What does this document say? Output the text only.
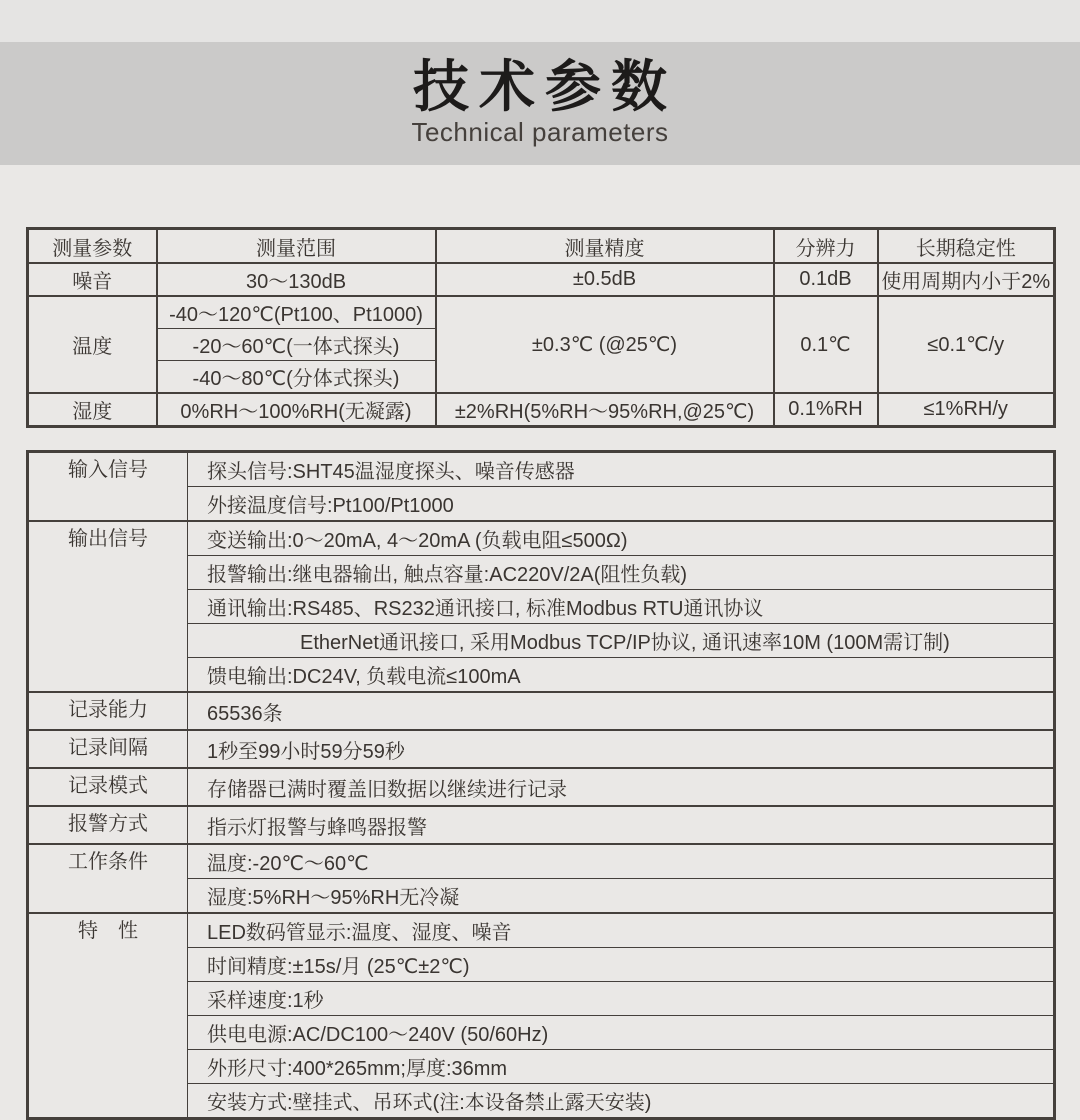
技术参数

Technical parameters

测量参数	测量范围	测量精度	分辨力	长期稳定性
噪音	30～130dB	±0.5dB	0.1dB	使用周期内小于2%
温度	-40～120℃(Pt100、Pt1000)	±0.3℃ (@25℃)	0.1℃	≤0.1℃/y
	-20～60℃(一体式探头)			
	-40～80℃(分体式探头)			
湿度	0%RH～100%RH(无凝露)	±2%RH(5%RH～95%RH,@25℃)	0.1%RH	≤1%RH/y
输入信号	探头信号:SHT45温湿度探头、噪音传感器
	外接温度信号:Pt100/Pt1000
输出信号	变送输出:0～20mA, 4～20mA (负载电阻≤500Ω)
	报警输出:继电器输出, 触点容量:AC220V/2A(阻性负载)
	通讯输出:RS485、RS232通讯接口, 标准Modbus RTU通讯协议
	EtherNet通讯接口, 采用Modbus TCP/IP协议, 通讯速率10M (100M需订制)
	馈电输出:DC24V, 负载电流≤100mA
记录能力	65536条
记录间隔	1秒至99小时59分59秒
记录模式	存储器已满时覆盖旧数据以继续进行记录
报警方式	指示灯报警与蜂鸣器报警
工作条件	温度:-20℃～60℃
	湿度:5%RH～95%RH无冷凝
特　性	LED数码管显示:温度、湿度、噪音
	时间精度:±15s/月 (25℃±2℃)
	采样速度:1秒
	供电电源:AC/DC100～240V (50/60Hz)
	外形尺寸:400*265mm;厚度:36mm
	安装方式:壁挂式、吊环式(注:本设备禁止露天安装)
